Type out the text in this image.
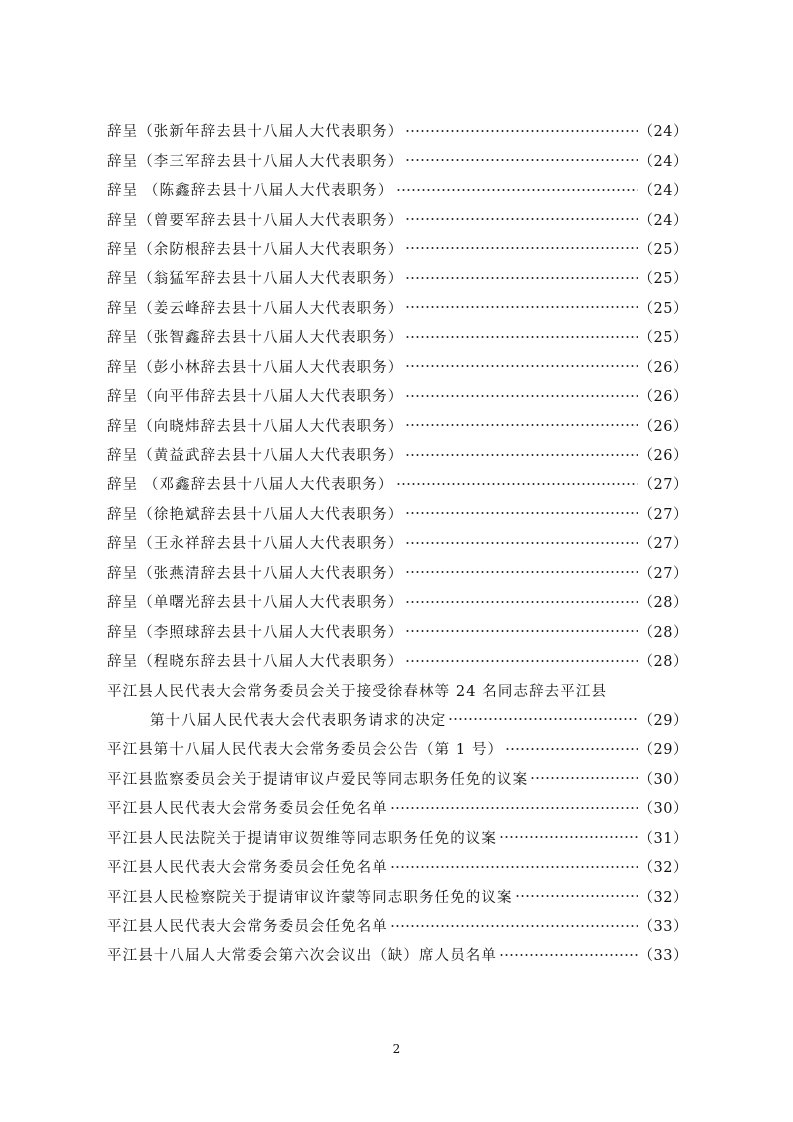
辞呈（张新年辞去县十八届人大代表职务）	（24）
辞呈（李三军辞去县十八届人大代表职务）	（24）
辞呈 （陈鑫辞去县十八届人大代表职务）	（24）
辞呈（曾要军辞去县十八届人大代表职务）	（24）
辞呈（余防根辞去县十八届人大代表职务）	（25）
辞呈（翁猛军辞去县十八届人大代表职务）	（25）
辞呈（姜云峰辞去县十八届人大代表职务）	（25）
辞呈（张智鑫辞去县十八届人大代表职务）	（25）
辞呈（彭小林辞去县十八届人大代表职务）	（26）
辞呈（向平伟辞去县十八届人大代表职务）	（26）
辞呈（向晓炜辞去县十八届人大代表职务）	（26）
辞呈（黄益武辞去县十八届人大代表职务）	（26）
辞呈 （邓鑫辞去县十八届人大代表职务）	（27）
辞呈（徐艳斌辞去县十八届人大代表职务）	（27）
辞呈（王永祥辞去县十八届人大代表职务）	（27）
辞呈（张燕清辞去县十八届人大代表职务）	（27）
辞呈（单曙光辞去县十八届人大代表职务）	（28）
辞呈（李照球辞去县十八届人大代表职务）	（28）
辞呈（程晓东辞去县十八届人大代表职务）	（28）
平江县人民代表大会常务委员会关于接受徐春林等 24 名同志辞去平江县
第十八届人民代表大会代表职务请求的决定	（29）
平江县第十八届人民代表大会常务委员会公告（第 1 号）	（29）
平江县监察委员会关于提请审议卢爱民等同志职务任免的议案	（30）
平江县人民代表大会常务委员会任免名单	（30）
平江县人民法院关于提请审议贺维等同志职务任免的议案	（31）
平江县人民代表大会常务委员会任免名单	（32）
平江县人民检察院关于提请审议许蒙等同志职务任免的议案	（32）
平江县人民代表大会常务委员会任免名单	（33）
平江县十八届人大常委会第六次会议出（缺）席人员名单	（33）
2
